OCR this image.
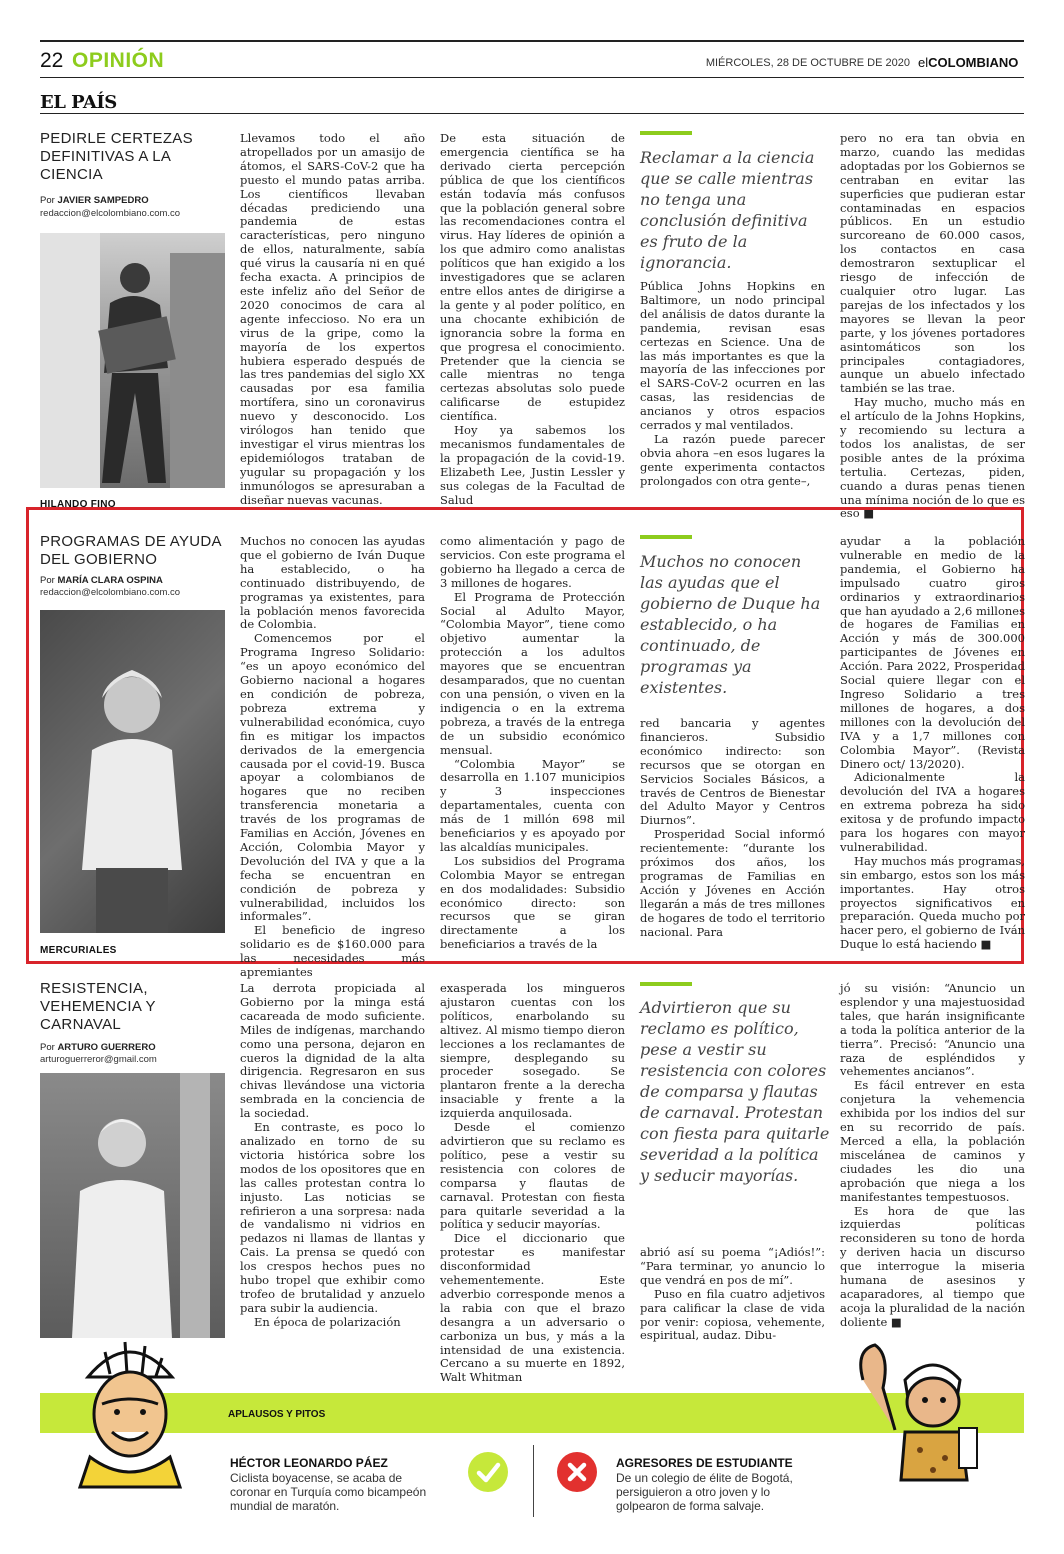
22 OPINIÓN	MIÉRCOLES, 28 DE OCTUBRE DE 2020 elCOLOMBIANO
EL PAÍS
PEDIRLE CERTEZAS DEFINITIVAS A LA CIENCIA
Por JAVIER SAMPEDRO
redaccion@elcolombiano.com.co
HILANDO FINO

Llevamos todo el año atropellados por un amasijo de átomos, el SARS-CoV-2 que ha puesto el mundo patas arriba. Los científicos llevaban décadas prediciendo una pandemia de estas características, pero ninguno de ellos, naturalmente, sabía qué virus la causaría ni en qué fecha exacta. A principios de este infeliz año del Señor de 2020 conocimos de cara al agente infeccioso. No era un virus de la gripe, como la mayoría de los expertos hubiera esperado después de las tres pandemias del siglo XX causadas por esa familia mortífera, sino un coronavirus nuevo y desconocido. Los virólogos han tenido que investigar el virus mientras los epidemiólogos trataban de yugular su propagación y los inmunólogos se apresuraban a diseñar nuevas vacunas.

De esta situación de emergencia científica se ha derivado cierta percepción pública de que los científicos están todavía más confusos que la población general sobre las recomendaciones contra el virus. Hay líderes de opinión a los que admiro como analistas políticos que han exigido a los investigadores que se aclaren entre ellos antes de dirigirse a la gente y al poder político, en una chocante exhibición de ignorancia sobre la forma en que progresa el conocimiento. Pretender que la ciencia se calle mientras no tenga certezas absolutas solo puede calificarse de estupidez científica.

Hoy ya sabemos los mecanismos fundamentales de la propagación de la covid-19. Elizabeth Lee, Justin Lessler y sus colegas de la Facultad de Salud

Reclamar a la ciencia que se calle mientras no tenga una conclusión definitiva es fruto de la ignorancia.

Pública Johns Hopkins en Baltimore, un nodo principal del análisis de datos durante la pandemia, revisan esas certezas en Science. Una de las más importantes es que la mayoría de las infecciones por el SARS-CoV-2 ocurren en las casas, las residencias de ancianos y otros espacios cerrados y mal ventilados.

La razón puede parecer obvia ahora –en esos lugares la gente experimenta contactos prolongados con otra gente–,

pero no era tan obvia en marzo, cuando las medidas adoptadas por los Gobiernos se centraban en evitar las superficies que pudieran estar contaminadas en espacios públicos. En un estudio surcoreano de 60.000 casos, los contactos en casa demostraron sextuplicar el riesgo de infección de cualquier otro lugar. Las parejas de los infectados y los mayores se llevan la peor parte, y los jóvenes portadores asintomáticos son los principales contagiadores, aunque un abuelo infectado también se las trae.

Hay mucho, mucho más en el artículo de la Johns Hopkins, y recomiendo su lectura a todos los analistas, de ser posible antes de la próxima tertulia. Certezas, piden, cuando a duras penas tienen una mínima noción de lo que es eso ■

PROGRAMAS DE AYUDA DEL GOBIERNO
Por MARÍA CLARA OSPINA
redaccion@elcolombiano.com.co
MERCURIALES

Muchos no conocen las ayudas que el gobierno de Iván Duque ha establecido, o ha continuado distribuyendo, de programas ya existentes, para la población menos favorecida de Colombia.

Comencemos por el Programa Ingreso Solidario: “es un apoyo económico del Gobierno nacional a hogares en condición de pobreza, pobreza extrema y vulnerabilidad económica, cuyo fin es mitigar los impactos derivados de la emergencia causada por el covid-19. Busca apoyar a colombianos de hogares que no reciben transferencia monetaria a través de los programas de Familias en Acción, Jóvenes en Acción, Colombia Mayor y Devolución del IVA y que a la fecha se encuentran en condición de pobreza y vulnerabilidad, incluidos los informales”.

El beneficio de ingreso solidario es de $160.000 para las necesidades más apremiantes

como alimentación y pago de servicios. Con este programa el gobierno ha llegado a cerca de 3 millones de hogares.

El Programa de Protección Social al Adulto Mayor, “Colombia Mayor”, tiene como objetivo aumentar la protección a los adultos mayores que se encuentran desamparados, que no cuentan con una pensión, o viven en la indigencia o en la extrema pobreza, a través de la entrega de un subsidio económico mensual.

“Colombia Mayor” se desarrolla en 1.107 municipios y 3 inspecciones departamentales, cuenta con más de 1 millón 698 mil beneficiarios y es apoyado por las alcaldías municipales.

Los subsidios del Programa Colombia Mayor se entregan en dos modalidades: Subsidio económico directo: son recursos que se giran directamente a los beneficiarios a través de la

Muchos no conocen las ayudas que el gobierno de Duque ha establecido, o ha continuado, de programas ya existentes.

red bancaria y agentes financieros. Subsidio económico indirecto: son recursos que se otorgan en Servicios Sociales Básicos, a través de Centros de Bienestar del Adulto Mayor y Centros Diurnos”.

Prosperidad Social informó recientemente: “durante los próximos dos años, los programas de Familias en Acción y Jóvenes en Acción llegarán a más de tres millones de hogares de todo el territorio nacional. Para

ayudar a la población vulnerable en medio de la pandemia, el Gobierno ha impulsado cuatro giros ordinarios y extraordinarios que han ayudado a 2,6 millones de hogares de Familias en Acción y más de 300.000 participantes de Jóvenes en Acción. Para 2022, Prosperidad Social quiere llegar con el Ingreso Solidario a tres millones de hogares, a dos millones con la devolución del IVA y a 1,7 millones con Colombia Mayor”. (Revista Dinero oct/ 13/2020).

Adicionalmente la devolución del IVA a hogares en extrema pobreza ha sido exitosa y de profundo impacto para los hogares con mayor vulnerabilidad.

Hay muchos más programas, sin embargo, estos son los más importantes. Hay otros proyectos significativos en preparación. Queda mucho por hacer pero, el gobierno de Iván Duque lo está haciendo ■

RESISTENCIA, VEHEMENCIA Y CARNAVAL
Por ARTURO GUERRERO
arturoguerreror@gmail.com

La derrota propiciada al Gobierno por la minga está cacareada de modo suficiente. Miles de indígenas, marchando como una persona, dejaron en cueros la dignidad de la alta dirigencia. Regresaron en sus chivas llevándose una victoria sembrada en la conciencia de la sociedad.

En contraste, es poco lo analizado en torno de su victoria histórica sobre los modos de los opositores que en las calles protestan contra lo injusto. Las noticias se refirieron a una sorpresa: nada de vandalismo ni vidrios en pedazos ni llamas de llantas y Cais. La prensa se quedó con los crespos hechos pues no hubo tropel que exhibir como trofeo de brutalidad y anzuelo para subir la audiencia.

En época de polarización

exasperada los mingueros ajustaron cuentas con los políticos, enarbolando su altivez. Al mismo tiempo dieron lecciones a los reclamantes de siempre, desplegando su proceder sosegado. Se plantaron frente a la derecha insaciable y frente a la izquierda anquilosada.

Desde el comienzo advirtieron que su reclamo es político, pese a vestir su resistencia con colores de comparsa y flautas de carnaval. Protestan con fiesta para quitarle severidad a la política y seducir mayorías.

Dice el diccionario que protestar es manifestar disconformidad vehementemente. Este adverbio corresponde menos a la rabia con que el brazo desangra a un adversario o carboniza un bus, y más a la intensidad de una existencia. Cercano a su muerte en 1892, Walt Whitman

Advirtieron que su reclamo es político, pese a vestir su resistencia con colores de comparsa y flautas de carnaval. Protestan con fiesta para quitarle severidad a la política y seducir mayorías.

abrió así su poema “¡Adiós!”: “Para terminar, yo anuncio lo que vendrá en pos de mí”.

Puso en fila cuatro adjetivos para calificar la clase de vida por venir: copiosa, vehemente, espiritual, audaz. Dibu-

jó su visión: “Anuncio un esplendor y una majestuosidad tales, que harán insignificante a toda la política anterior de la tierra”. Precisó: “Anuncio una raza de espléndidos y vehementes ancianos”.

Es fácil entrever en esta conjetura la vehemencia exhibida por los indios del sur en su recorrido de país. Merced a ella, la población miscelánea de caminos y ciudades les dio una aprobación que niega a los manifestantes tempestuosos.

Es hora de que las izquierdas políticas reconsideren su tono de horda y deriven hacia un discurso que interrogue la miseria humana de asesinos y acaparadores, al tiempo que acoja la pluralidad de la nación doliente ■

APLAUSOS Y PITOS
HÉCTOR LEONARDO PÁEZ
Ciclista boyacense, se acaba de coronar en Turquía como bicampeón mundial de maratón.
AGRESORES DE ESTUDIANTE
De un colegio de élite de Bogotá, persiguieron a otro joven y lo golpearon de forma salvaje.
